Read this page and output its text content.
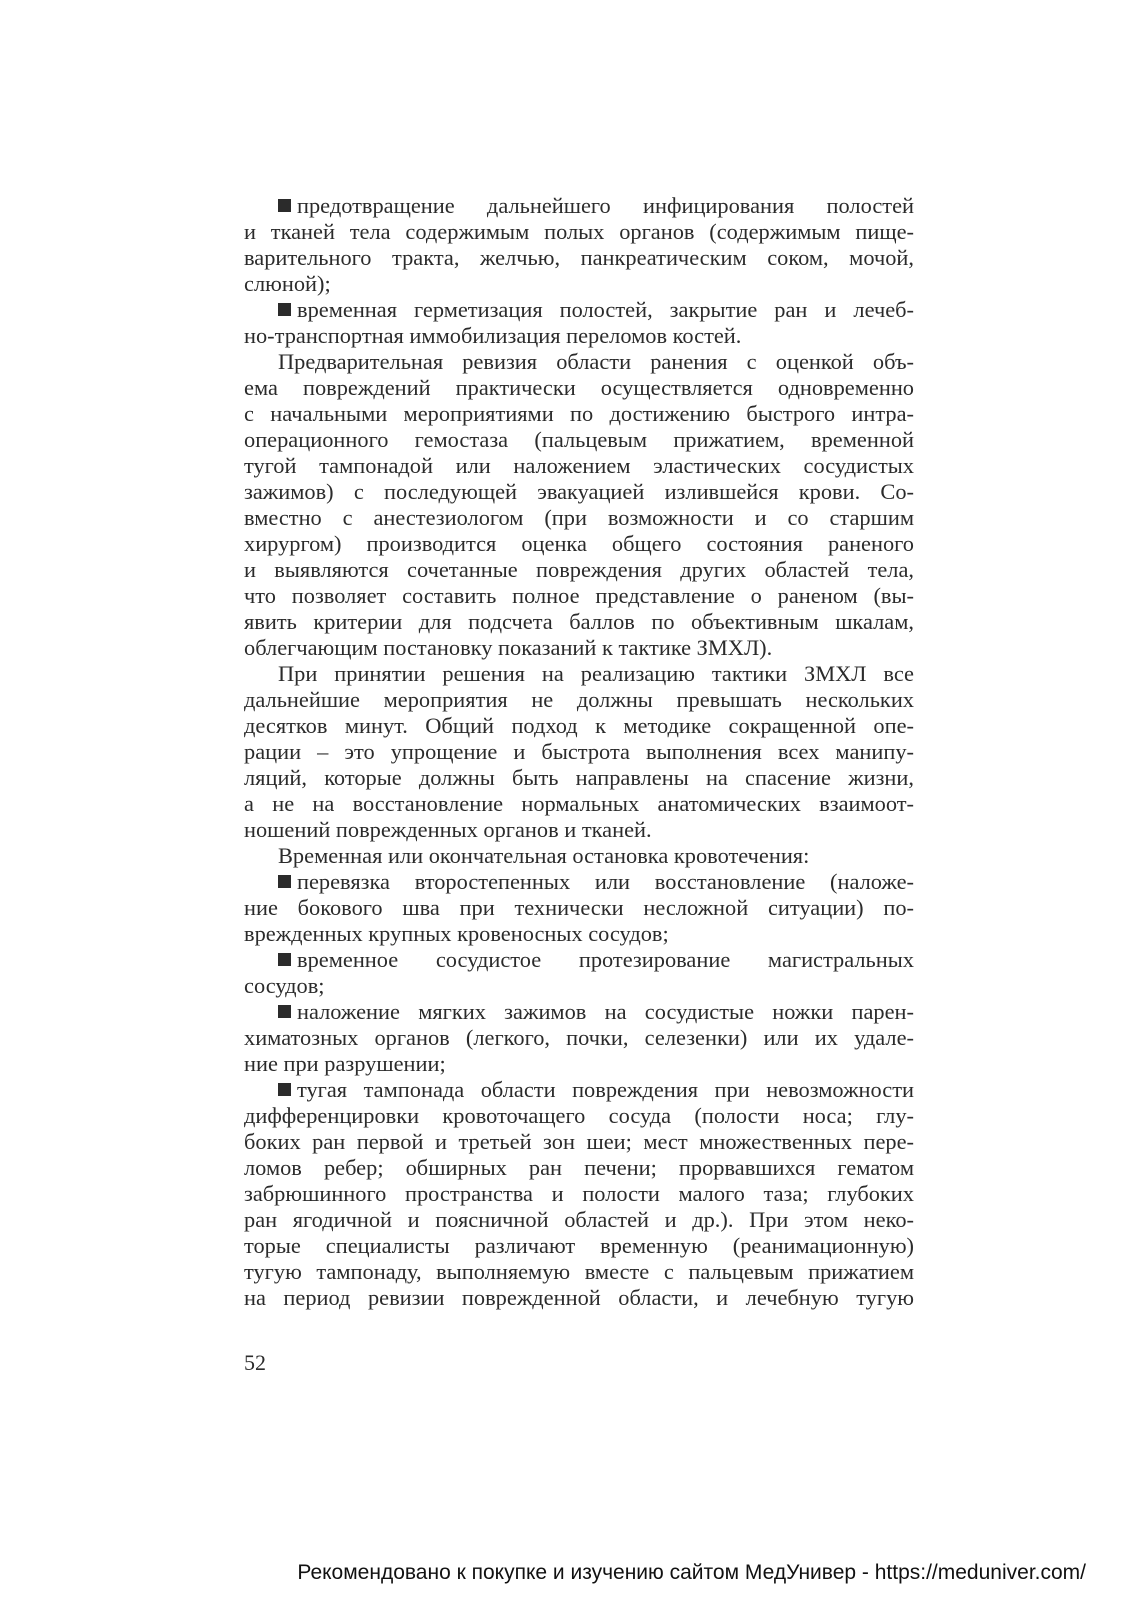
предотвращение дальнейшего инфицирования полостей
и тканей тела содержимым полых органов (содержимым пище-
варительного тракта, желчью, панкреатическим соком, мочой,
слюной);
временная герметизация полостей, закрытие ран и лечеб-
но-транспортная иммобилизация переломов костей.
Предварительная ревизия области ранения с оценкой объ-
ема повреждений практически осуществляется одновременно
с начальными мероприятиями по достижению быстрого интра-
операционного гемостаза (пальцевым прижатием, временной
тугой тампонадой или наложением эластических сосудистых
зажимов) с последующей эвакуацией излившейся крови. Со-
вместно с анестезиологом (при возможности и со старшим
хирургом) производится оценка общего состояния раненого
и выявляются сочетанные повреждения других областей тела,
что позволяет составить полное представление о раненом (вы-
явить критерии для подсчета баллов по объективным шкалам,
облегчающим постановку показаний к тактике ЗМХЛ).
При принятии решения на реализацию тактики ЗМХЛ все
дальнейшие мероприятия не должны превышать нескольких
десятков минут. Общий подход к методике сокращенной опе-
рации – это упрощение и быстрота выполнения всех манипу-
ляций, которые должны быть направлены на спасение жизни,
а не на восстановление нормальных анатомических взаимоот-
ношений поврежденных органов и тканей.
Временная или окончательная остановка кровотечения:
перевязка второстепенных или восстановление (наложе-
ние бокового шва при технически несложной ситуации) по-
врежденных крупных кровеносных сосудов;
временное сосудистое протезирование магистральных
сосудов;
наложение мягких зажимов на сосудистые ножки парен-
химатозных органов (легкого, почки, селезенки) или их удале-
ние при разрушении;
тугая тампонада области повреждения при невозможности
дифференцировки кровоточащего сосуда (полости носа; глу-
боких ран первой и третьей зон шеи; мест множественных пере-
ломов ребер; обширных ран печени; прорвавшихся гематом
забрюшинного пространства и полости малого таза; глубоких
ран ягодичной и поясничной областей и др.). При этом неко-
торые специалисты различают временную (реанимационную)
тугую тампонаду, выполняемую вместе с пальцевым прижатием
на период ревизии поврежденной области, и лечебную тугую
52
Рекомендовано к покупке и изучению сайтом МедУнивер - https://meduniver.com/
